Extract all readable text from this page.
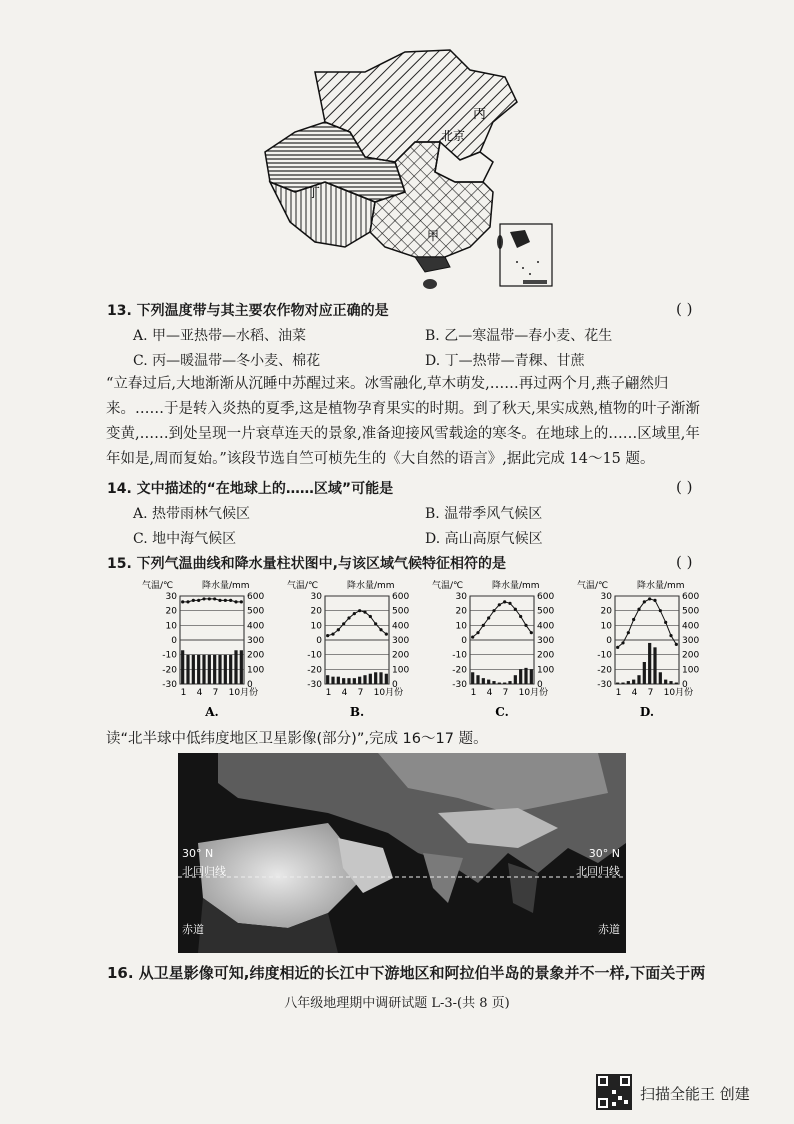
丙
北京
丁
甲
13. 下列温度带与其主要农作物对应正确的是	( )
A. 甲—亚热带—水稻、油菜	B. 乙—寒温带—春小麦、花生
C. 丙—暖温带—冬小麦、棉花	D. 丁—热带—青稞、甘蔗
“立春过后,大地渐渐从沉睡中苏醒过来。冰雪融化,草木萌发,……再过两个月,燕子翩然归
来。……于是转入炎热的夏季,这是植物孕育果实的时期。到了秋天,果实成熟,植物的叶子渐渐
变黄,……到处呈现一片衰草连天的景象,准备迎接风雪载途的寒冬。在地球上的……区域里,年
年如是,周而复始。”该段节选自竺可桢先生的《大自然的语言》,据此完成 14～15 题。
14. 文中描述的“在地球上的……区域”可能是	( )
A. 热带雨林气候区	B. 温带季风气候区
C. 地中海气候区	D. 高山高原气候区
15. 下列气温曲线和降水量柱状图中,与该区域气候特征相符的是	( )
气温/℃	降水量/mm
30
20
10
0
-10
-20
-30
600
500
400
300
200
100
0
1 4 7 10月份
A.
气温/℃	降水量/mm
30
20
10
0
-10
-20
-30
600
500
400
300
200
100
0
1 4 7 10月份
B.
气温/℃	降水量/mm
30
20
10
0
-10
-20
-30
600
500
400
300
200
100
0
1 4 7 10月份
C.
气温/℃	降水量/mm
30
20
10
0
-10
-20
-30
600
500
400
300
200
100
0
1 4 7 10月份
D.
读“北半球中低纬度地区卫星影像(部分)”,完成 16～17 题。
30° N
北回归线
30° N
北回归线
赤道	赤道
16. 从卫星影像可知,纬度相近的长江中下游地区和阿拉伯半岛的景象并不一样,下面关于两
八年级地理期中调研试题 L-3-(共 8 页)
扫描全能王 创建
